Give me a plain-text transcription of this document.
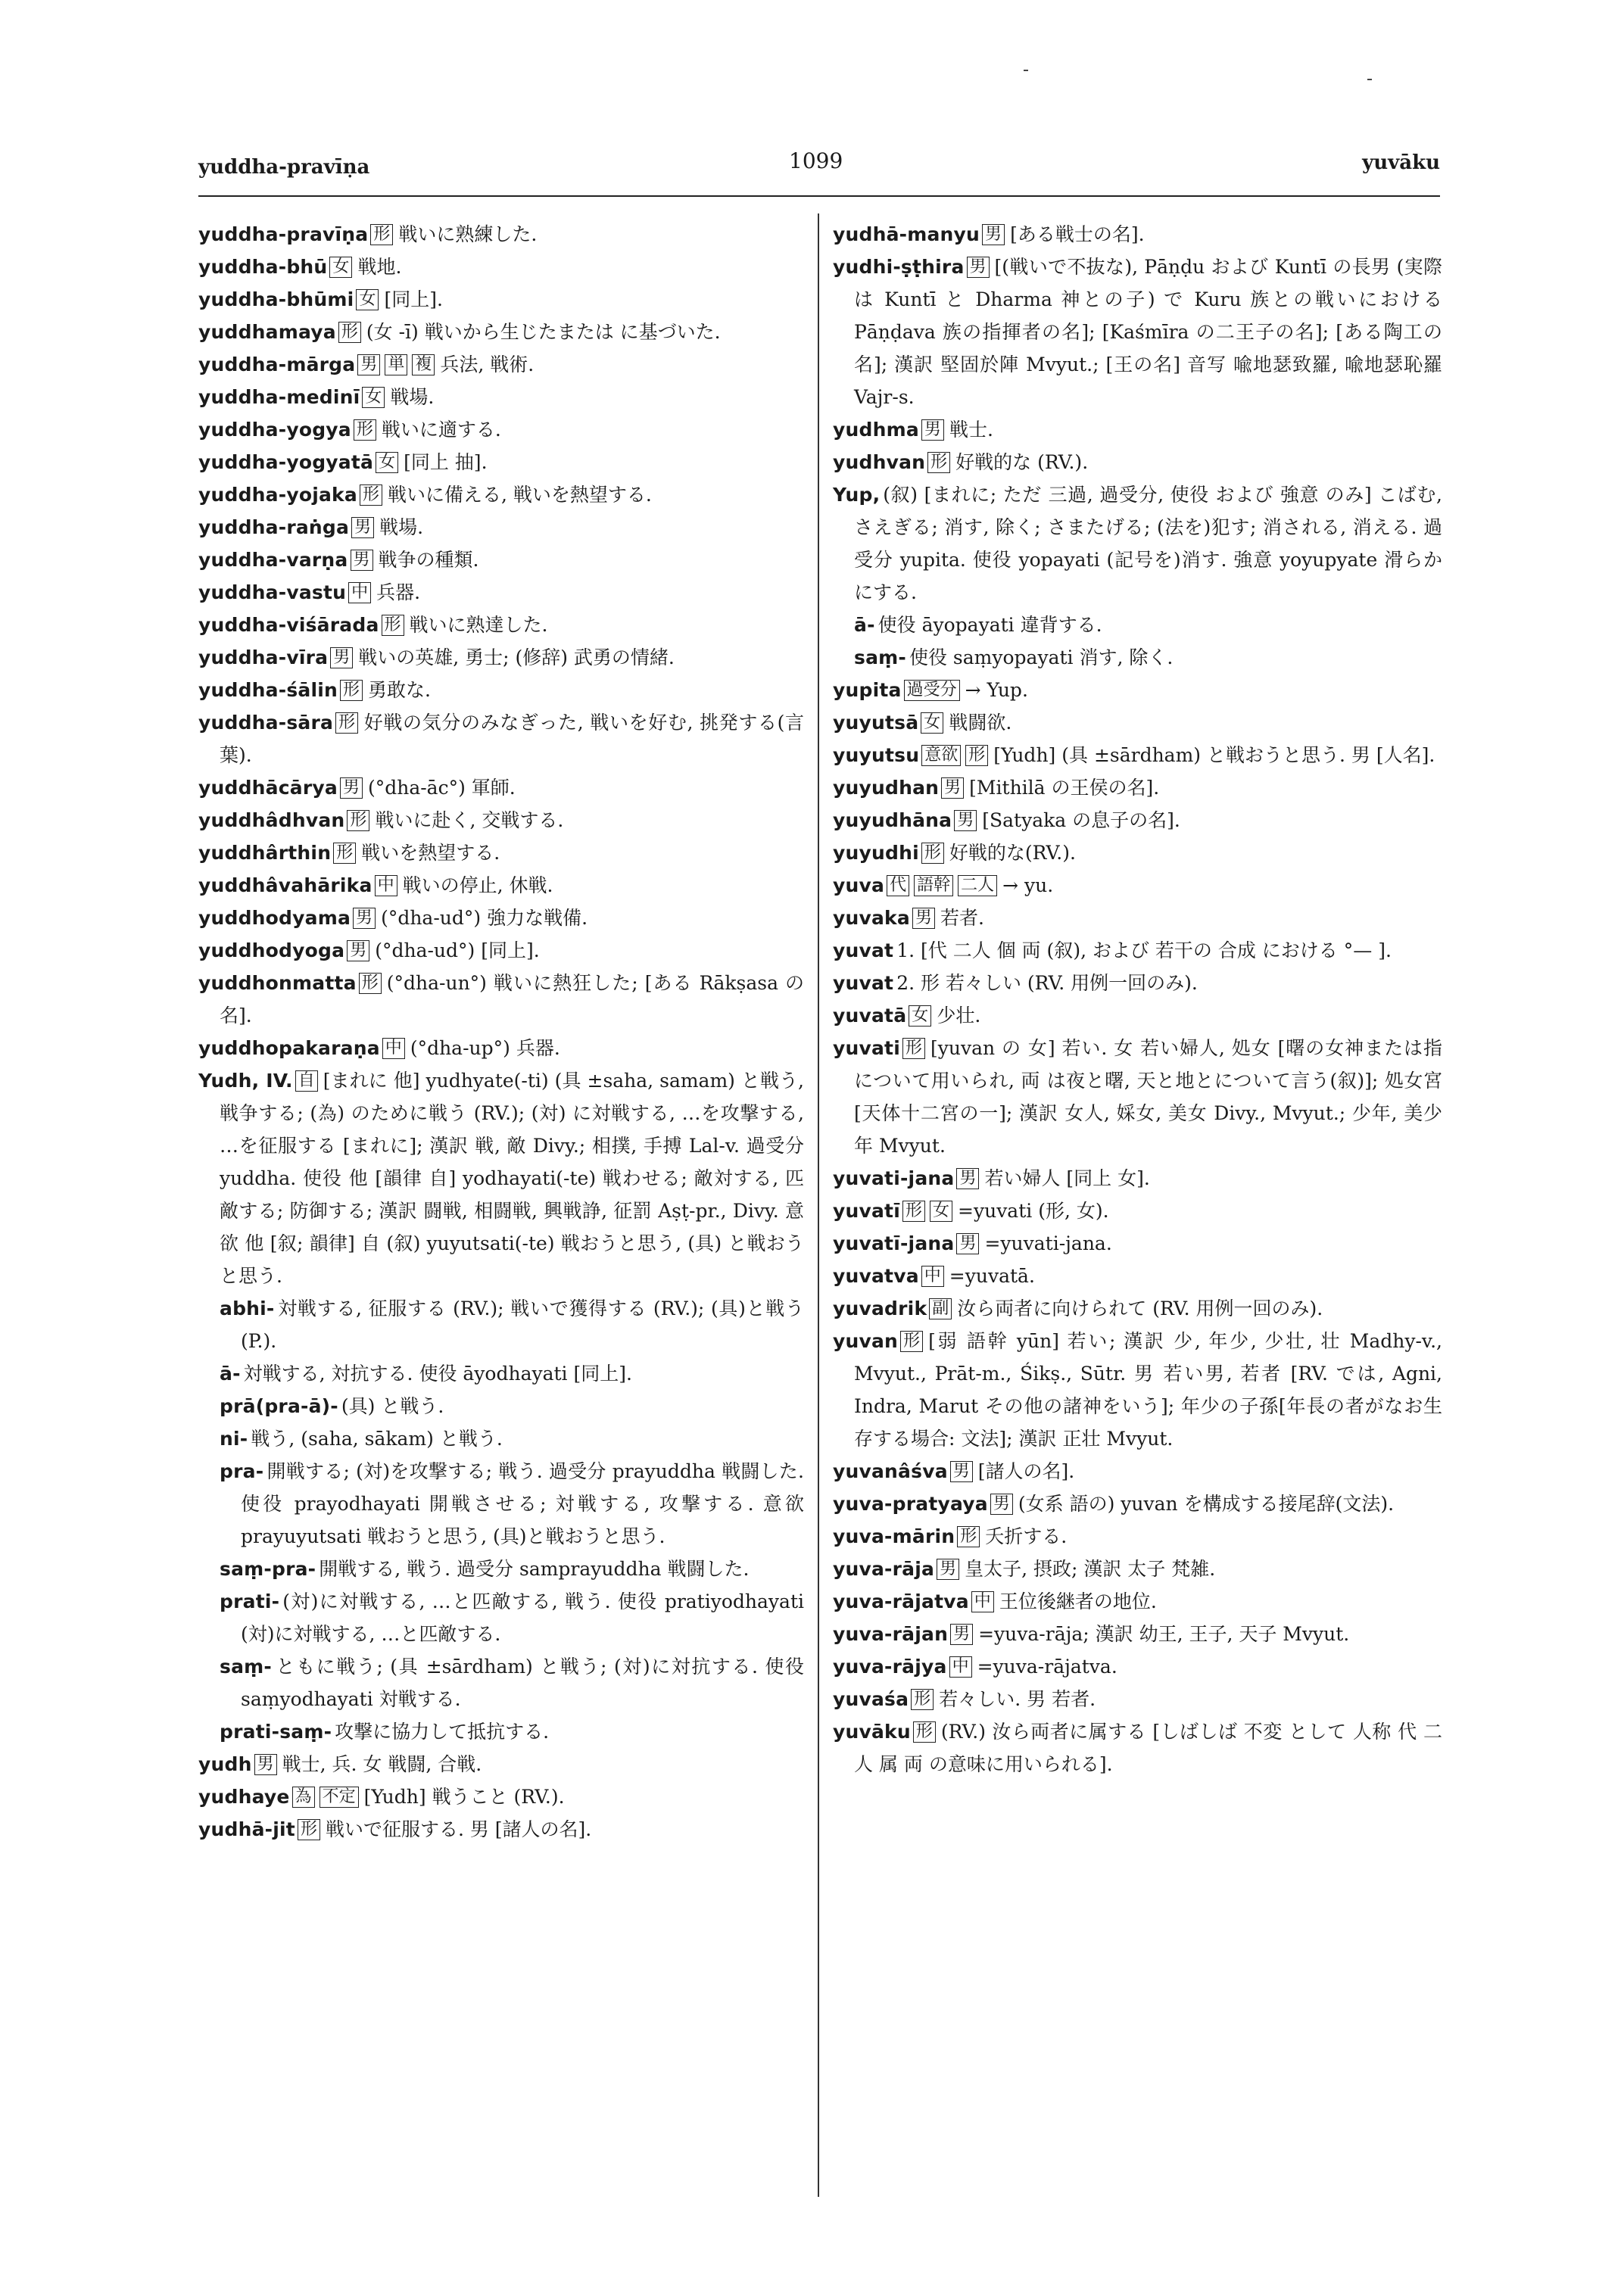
yuddha-pravīṇa	1099	yuvāku
yuddha-pravīṇa 形 戦いに熟練した.
yuddha-bhū 女 戦地.
yuddha-bhūmi 女 [同上].
yuddhamaya 形 (女 -ī) 戦いから生じたまたは に基づいた.
yuddha-mārga 男 単 複 兵法, 戦術.
yuddha-medinī 女 戦場.
yuddha-yogya 形 戦いに適する.
yuddha-yogyatā 女 [同上 抽].
yuddha-yojaka 形 戦いに備える, 戦いを熱望する.
yuddha-raṅga 男 戦場.
yuddha-varṇa 男 戦争の種類.
yuddha-vastu 中 兵器.
yuddha-viśārada 形 戦いに熟達した.
yuddha-vīra 男 戦いの英雄, 勇士; (修辞) 武勇の情緒.
yuddha-śālin 形 勇敢な.
yuddha-sāra 形 好戦の気分のみなぎった, 戦いを好む, 挑発する(言葉).
yuddhācārya 男 (°dha-āc°) 軍師.
yuddhâdhvan 形 戦いに赴く, 交戦する.
yuddhârthin 形 戦いを熱望する.
yuddhâvahārika 中 戦いの停止, 休戦.
yuddhodyama 男 (°dha-ud°) 強力な戦備.
yuddhodyoga 男 (°dha-ud°) [同上].
yuddhonmatta 形 (°dha-un°) 戦いに熱狂した; [ある Rākṣasa の名].
yuddhopakaraṇa 中 (°dha-up°) 兵器.
Yudh, IV. 自 [まれに 他] yudhyate(-ti) (具 ±saha, samam) と戦う, 戦争する; (為) のために戦う (RV.); (対) に対戦する, …を攻撃する, …を征服する [まれに]; 漢訳 戦, 敵 Divy.; 相撲, 手搏 Lal-v. 過受分 yuddha. 使役 他 [韻律 自] yodhayati(-te) 戦わせる; 敵対する, 匹敵する; 防御する; 漢訳 闘戦, 相闘戦, 興戦諍, 征罰 Aṣṭ-pr., Divy. 意欲 他 [叙; 韻律] 自 (叙) yuyutsati(-te) 戦おうと思う, (具) と戦おうと思う.
abhi- 対戦する, 征服する (RV.); 戦いで獲得する (RV.); (具)と戦う (P.).
ā- 対戦する, 対抗する. 使役 āyodhayati [同上].
prā(pra-ā)- (具) と戦う.
ni- 戦う, (saha, sākam) と戦う.
pra- 開戦する; (対)を攻撃する; 戦う. 過受分 prayuddha 戦闘した. 使役 prayodhayati 開戦させる; 対戦する, 攻撃する. 意欲 prayuyutsati 戦おうと思う, (具)と戦おうと思う.
saṃ-pra- 開戦する, 戦う. 過受分 samprayuddha 戦闘した.
prati- (対)に対戦する, …と匹敵する, 戦う. 使役 pratiyodhayati (対)に対戦する, …と匹敵する.
saṃ- ともに戦う; (具 ±sārdham) と戦う; (対)に対抗する. 使役 saṃyodhayati 対戦する.
prati-saṃ- 攻撃に協力して抵抗する.
yudh 男 戦士, 兵. 女 戦闘, 合戦.
yudhaye 為 不定 [Yudh] 戦うこと (RV.).
yudhā-jit 形 戦いで征服する. 男 [諸人の名].
yudhā-manyu 男 [ある戦士の名].
yudhi-ṣṭhira 男 [(戦いで不抜な), Pāṇḍu および Kuntī の長男 (実際は Kuntī と Dharma 神との子) で Kuru 族との戦いにおける Pāṇḍava 族の指揮者の名]; [Kaśmīra の二王子の名]; [ある陶工の名]; 漢訳 堅固於陣 Mvyut.; [王の名] 音写 喩地瑟致羅, 喩地瑟恥羅 Vajr-s.
yudhma 男 戦士.
yudhvan 形 好戦的な (RV.).
Yup, (叙) [まれに; ただ 三過, 過受分, 使役 および 強意 のみ] こばむ, さえぎる; 消す, 除く; さまたげる; (法を)犯す; 消される, 消える. 過受分 yupita. 使役 yopayati (記号を)消す. 強意 yoyupyate 滑らかにする.
ā- 使役 āyopayati 違背する.
saṃ- 使役 saṃyopayati 消す, 除く.
yupita 過受分 → Yup.
yuyutsā 女 戦闘欲.
yuyutsu 意欲 形 [Yudh] (具 ±sārdham) と戦おうと思う. 男 [人名].
yuyudhan 男 [Mithilā の王侯の名].
yuyudhāna 男 [Satyaka の息子の名].
yuyudhi 形 好戦的な(RV.).
yuva 代 語幹 二人 → yu.
yuvaka 男 若者.
yuvat 1. [代 二人 個 両 (叙), および 若干の 合成 における °— ].
yuvat 2. 形 若々しい (RV. 用例一回のみ).
yuvatā 女 少壮.
yuvati 形 [yuvan の 女] 若い. 女 若い婦人, 処女 [曙の女神または指について用いられ, 両 は夜と曙, 天と地とについて言う(叙)]; 処女宮 [天体十二宮の一]; 漢訳 女人, 婇女, 美女 Divy., Mvyut.; 少年, 美少年 Mvyut.
yuvati-jana 男 若い婦人 [同上 女].
yuvatī 形 女 =yuvati (形, 女).
yuvatī-jana 男 =yuvati-jana.
yuvatva 中 =yuvatā.
yuvadrik 副 汝ら両者に向けられて (RV. 用例一回のみ).
yuvan 形 [弱 語幹 yūn] 若い; 漢訳 少, 年少, 少壮, 壮 Madhy-v., Mvyut., Prāt-m., Śikṣ., Sūtr. 男 若い男, 若者 [RV. では, Agni, Indra, Marut その他の諸神をいう]; 年少の子孫[年長の者がなお生存する場合: 文法]; 漢訳 正壮 Mvyut.
yuvanâśva 男 [諸人の名].
yuva-pratyaya 男 (女系 語の) yuvan を構成する接尾辞(文法).
yuva-mārin 形 夭折する.
yuva-rāja 男 皇太子, 摂政; 漢訳 太子 梵雑.
yuva-rājatva 中 王位後継者の地位.
yuva-rājan 男 =yuva-rāja; 漢訳 幼王, 王子, 天子 Mvyut.
yuva-rājya 中 =yuva-rājatva.
yuvaśa 形 若々しい. 男 若者.
yuvāku 形 (RV.) 汝ら両者に属する [しばしば 不変 として 人称 代 二人 属 両 の意味に用いられる].
